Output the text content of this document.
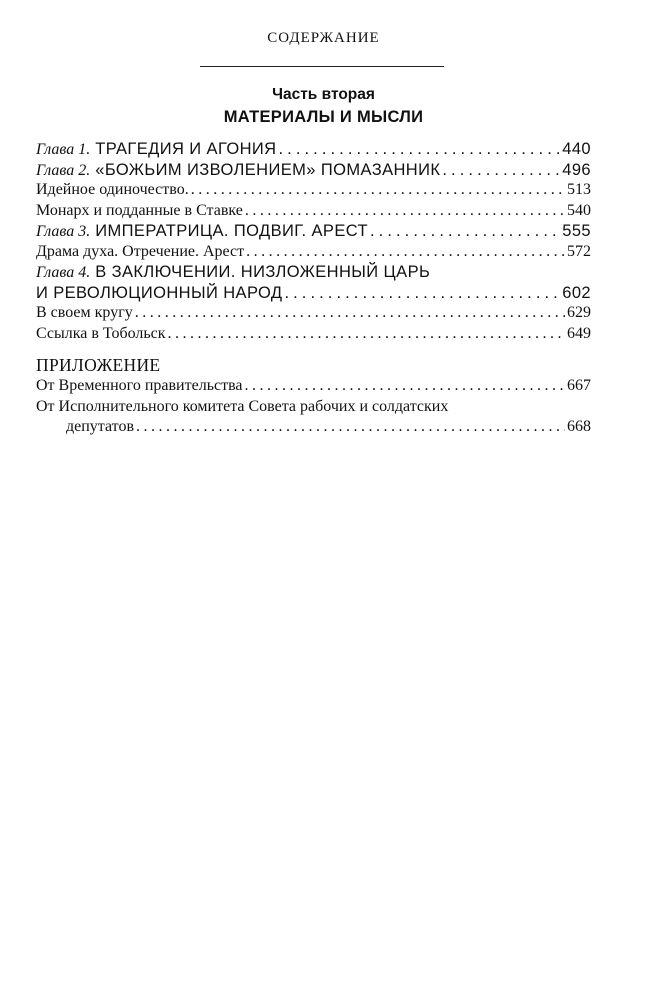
СОДЕРЖАНИЕ
Часть вторая
МАТЕРИАЛЫ И МЫСЛИ
Глава 1. ТРАГЕДИЯ И АГОНИЯ . . .	440
Глава 2. «БОЖЬИМ ИЗВОЛЕНИЕМ» ПОМАЗАННИК . . .	496
Идейное одиночество. . . .	513
Монарх и подданные в Ставке . . .	540
Глава 3. ИМПЕРАТРИЦА. ПОДВИГ. АРЕСТ . . .	555
Драма духа. Отречение. Арест . . .	572
Глава 4. В ЗАКЛЮЧЕНИИ. НИЗЛОЖЕННЫЙ ЦАРЬ
И РЕВОЛЮЦИОННЫЙ НАРОД . . .	602
В своем кругу . . .	629
Ссылка в Тобольск . . .	649
ПРИЛОЖЕНИЕ
От Временного правительства . . .	667
От Исполнительного комитета Совета рабочих и солдатских
депутатов . . .	668
